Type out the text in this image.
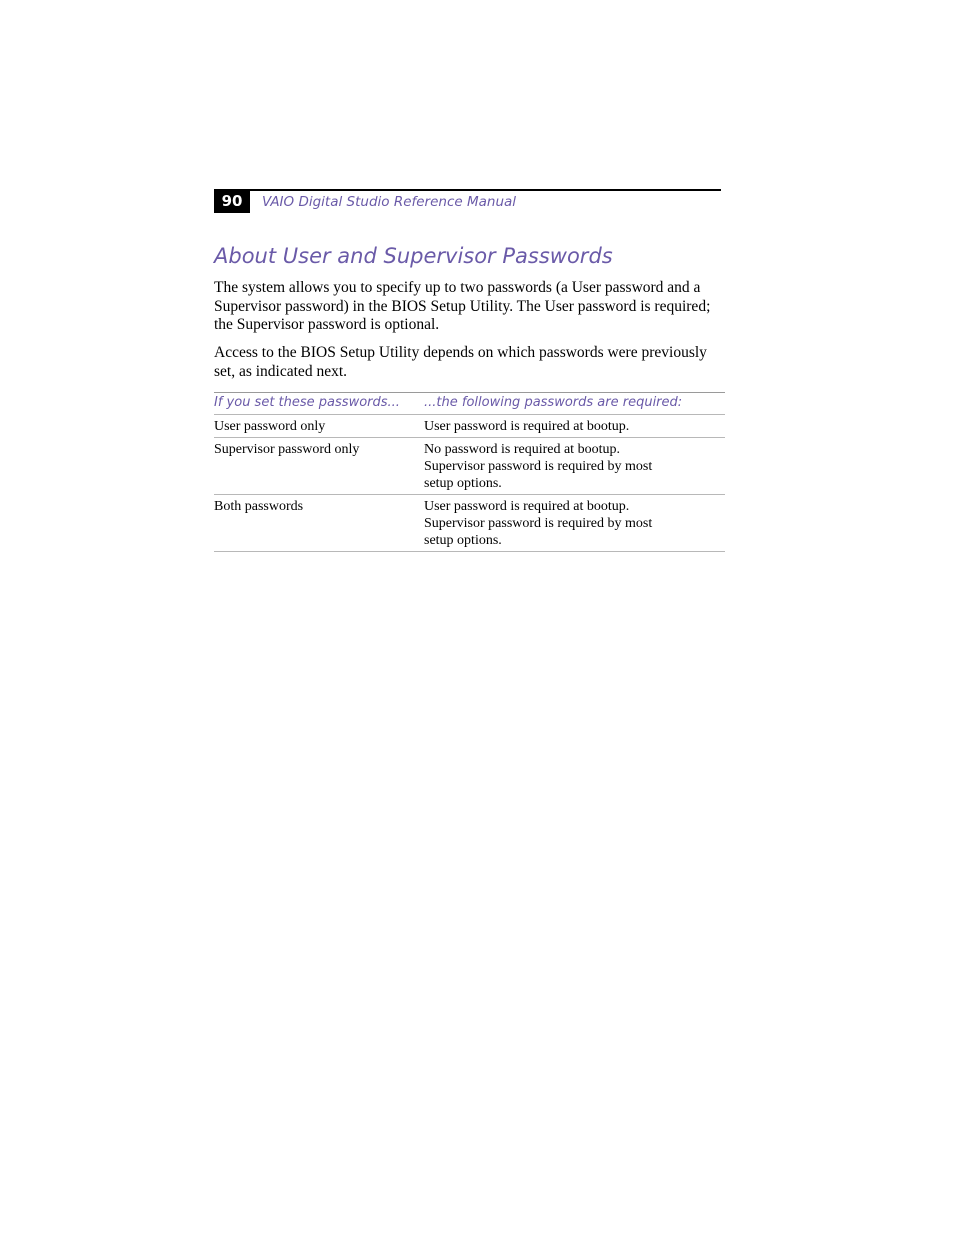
90	VAIO Digital Studio Reference Manual
About User and Supervisor Passwords

The system allows you to specify up to two passwords (a User password and a Supervisor password) in the BIOS Setup Utility. The User password is required; the Supervisor password is optional.

Access to the BIOS Setup Utility depends on which passwords were previously set, as indicated next.

If you set these passwords...	...the following passwords are required:
User password only	User password is required at bootup.
Supervisor password only	No password is required at bootup.
Supervisor password is required by most
setup options.
Both passwords	User password is required at bootup.
Supervisor password is required by most
setup options.
